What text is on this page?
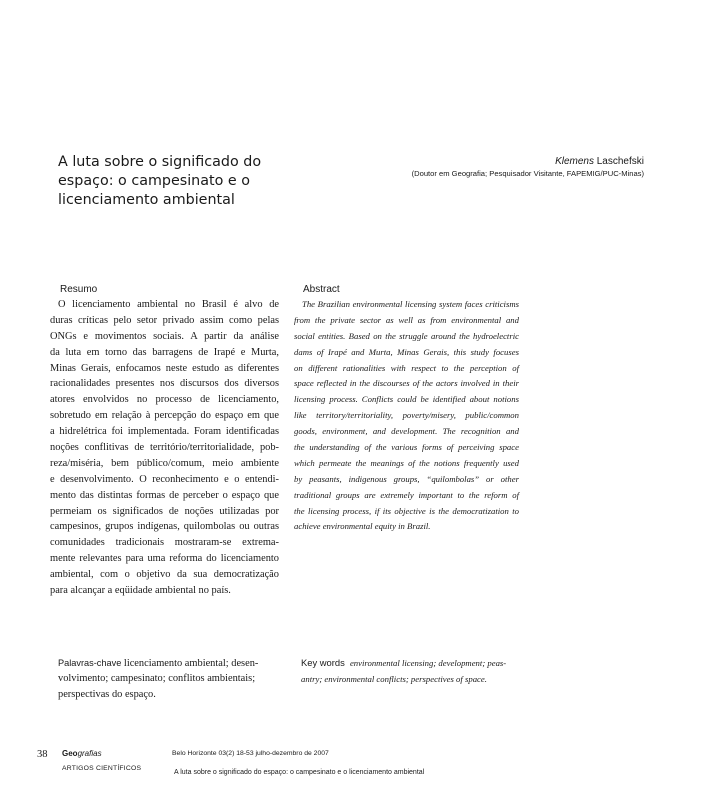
A luta sobre o significado do
espaço: o campesinato e o
licenciamento ambiental
Klemens Laschefski
(Doutor em Geografia; Pesquisador Visitante, FAPEMIG/PUC-Minas)
Resumo
O licenciamento ambiental no Brasil é alvo de
duras críticas pelo setor privado assim como pelas
ONGs e movimentos sociais. A partir da análise
da luta em torno das barragens de Irapé e Murta,
Minas Gerais, enfocamos neste estudo as diferentes
racionalidades presentes nos discursos dos diversos
atores envolvidos no processo de licenciamento,
sobretudo em relação à percepção do espaço em que
a hidrelétrica foi implementada. Foram identificadas
noções conflitivas de território/territorialidade, pob-
reza/miséria, bem público/comum, meio ambiente
e desenvolvimento. O reconhecimento e o entendi-
mento das distintas formas de perceber o espaço que
permeiam os significados de noções utilizadas por
campesinos, grupos indígenas, quilombolas ou outras
comunidades tradicionais mostraram-se extrema-
mente relevantes para uma reforma do licenciamento
ambiental, com o objetivo da sua democratização
para alcançar a eqüidade ambiental no país.
Abstract
The Brazilian environmental licensing system faces criticisms
from the private sector as well as from environmental and
social entities. Based on the struggle around the hydroelectric
dams of Irapé and Murta, Minas Gerais, this study focuses
on different rationalities with respect to the perception of
space reflected in the discourses of the actors involved in their
licensing process. Conflicts could be identified about notions
like territory/territoriality, poverty/misery, public/common
goods, environment, and development. The recognition and
the understanding of the various forms of perceiving space
which permeate the meanings of the notions frequently used
by peasants, indigenous groups, “quilombolas” or other
traditional groups are extremely important to the reform of
the licensing process, if its objective is the democratization to
achieve environmental equity in Brazil.
Palavras-chave licenciamento ambiental; desen-
volvimento; campesinato; conflitos ambientais;
perspectivas do espaço.
Key words environmental licensing; development; peas-
antry; environmental conflicts; perspectives of space.
38 Geografias
ARTIGOS CIENTÍFICOS
Belo Horizonte 03(2) 18-53 julho-dezembro de 2007
A luta sobre o significado do espaço: o campesinato e o licenciamento ambiental
